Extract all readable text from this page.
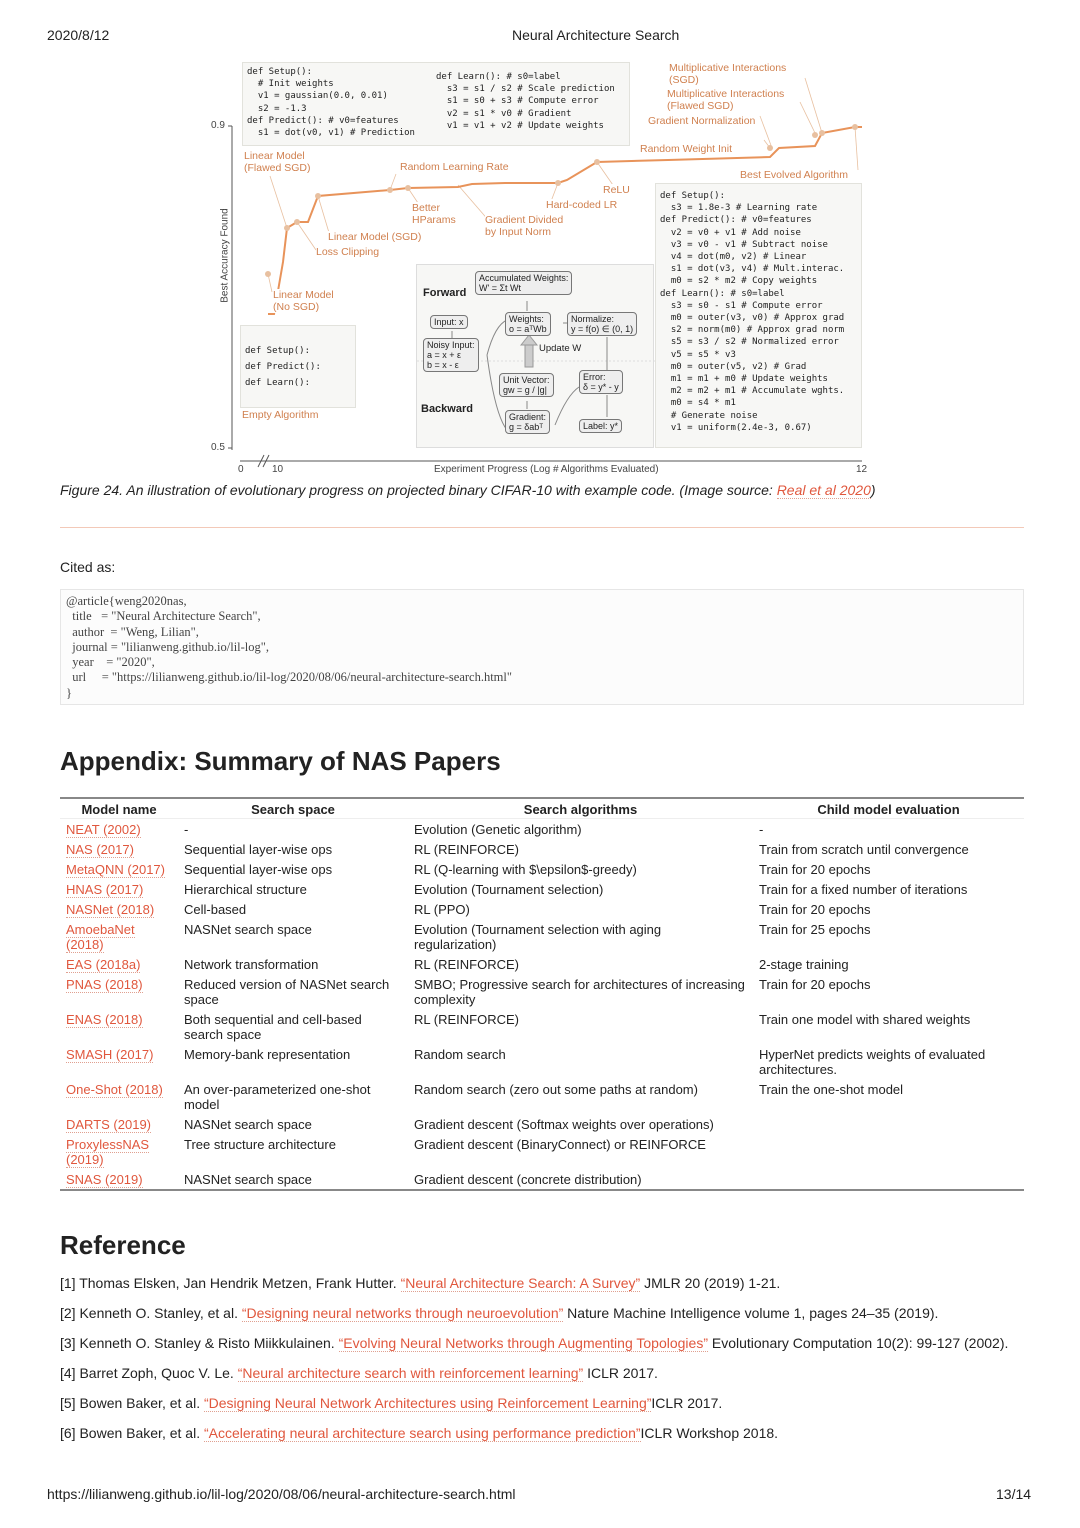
2020/8/12	Neural Architecture Search
0.9
0.5
0	10	12
Experiment Progress (Log # Algorithms Evaluated)
Best Accuracy Found

def Setup():
# Init weights
v1 = gaussian(0.0, 0.01)
s2 = -1.3
def Predict(): # v0=features
s1 = dot(v0, v1) # Prediction

def Learn(): # s0=label
s3 = s1 / s2 # Scale prediction
s1 = s0 + s3 # Compute error
v2 = s1 * v0 # Gradient
v1 = v1 + v2 # Update weights

def Setup():
def Predict():
def Learn():
def Setup():
s3 = 1.8e-3 # Learning rate
def Predict(): # v0=features
v2 = v0 + v1 # Add noise
v3 = v0 - v1 # Subtract noise
v4 = dot(m0, v2) # Linear
s1 = dot(v3, v4) # Mult.interac.
m0 = s2 * m2 # Copy weights
def Learn(): # s0=label
s3 = s0 - s1 # Compute error
m0 = outer(v3, v0) # Approx grad
s2 = norm(m0) # Approx grad norm
s5 = s3 / s2 # Normalized error
v5 = s5 * v3
m0 = outer(v5, v2) # Grad
m1 = m1 + m0 # Update weights
m2 = m2 + m1 # Accumulate wghts.
m0 = s4 * m1
# Generate noise
v1 = uniform(2.4e-3, 0.67)
Linear Model
(Flawed SGD)	Random Learning Rate
Multiplicative Interactions
(SGD)
Multiplicative Interactions
(Flawed SGD)
Gradient Normalization
Random Weight Init
Best Evolved Algorithm
ReLU
Hard-coded LR
Better
HParams	Gradient Divided
by Input Norm
Linear Model (SGD)
Loss Clipping
Linear Model
(No SGD)
Empty Algorithm
Forward
Backward
Accumulated Weights:
W' = Σt Wt
Input: x
Noisy Input:
a = x + ε
b = x - ε
Weights:
o = aᵀWb
Normalize:
y = f(o) ∈ (0, 1)
Update W
Unit Vector:
gw = g / |g|
Error:
δ = y* - y
Gradient:
g = δabᵀ	Label: y*
Figure 24. An illustration of evolutionary progress on projected binary CIFAR-10 with example code. (Image source: Real et al 2020)
Cited as:
@article{weng2020nas,
title   = "Neural Architecture Search",
author  = "Weng, Lilian",
journal = "lilianweng.github.io/lil-log",
year    = "2020",
url     = "https://lilianweng.github.io/lil-log/2020/08/06/neural-architecture-search.html"
}
Appendix: Summary of NAS Papers
Model name	Search space	Search algorithms	Child model evaluation
NEAT (2002)	-	Evolution (Genetic algorithm)	-
NAS (2017)	Sequential layer-wise ops	RL (REINFORCE)	Train from scratch until convergence
MetaQNN (2017)	Sequential layer-wise ops	RL (Q-learning with $\epsilon$-greedy)	Train for 20 epochs
HNAS (2017)	Hierarchical structure	Evolution (Tournament selection)	Train for a fixed number of iterations
NASNet (2018)	Cell-based	RL (PPO)	Train for 20 epochs
AmoebaNet (2018)	NASNet search space	Evolution (Tournament selection with aging regularization)	Train for 25 epochs
EAS (2018a)	Network transformation	RL (REINFORCE)	2-stage training
PNAS (2018)	Reduced version of NASNet search space	SMBO; Progressive search for architectures of increasing complexity	Train for 20 epochs
ENAS (2018)	Both sequential and cell-based search space	RL (REINFORCE)	Train one model with shared weights
SMASH (2017)	Memory-bank representation	Random search	HyperNet predicts weights of evaluated architectures.
One-Shot (2018)	An over-parameterized one-shot model	Random search (zero out some paths at random)	Train the one-shot model
DARTS (2019)	NASNet search space	Gradient descent (Softmax weights over operations)	
ProxylessNAS (2019)	Tree structure architecture	Gradient descent (BinaryConnect) or REINFORCE	
SNAS (2019)	NASNet search space	Gradient descent (concrete distribution)	
Reference

[1] Thomas Elsken, Jan Hendrik Metzen, Frank Hutter. “Neural Architecture Search: A Survey” JMLR 20 (2019) 1-21.

[2] Kenneth O. Stanley, et al. “Designing neural networks through neuroevolution” Nature Machine Intelligence volume 1, pages 24–35 (2019).

[3] Kenneth O. Stanley & Risto Miikkulainen. “Evolving Neural Networks through Augmenting Topologies” Evolutionary Computation 10(2): 99-127 (2002).

[4] Barret Zoph, Quoc V. Le. “Neural architecture search with reinforcement learning” ICLR 2017.

[5] Bowen Baker, et al. “Designing Neural Network Architectures using Reinforcement Learning”ICLR 2017.

[6] Bowen Baker, et al. “Accelerating neural architecture search using performance prediction”ICLR Workshop 2018.

https://lilianweng.github.io/lil-log/2020/08/06/neural-architecture-search.html	13/14
